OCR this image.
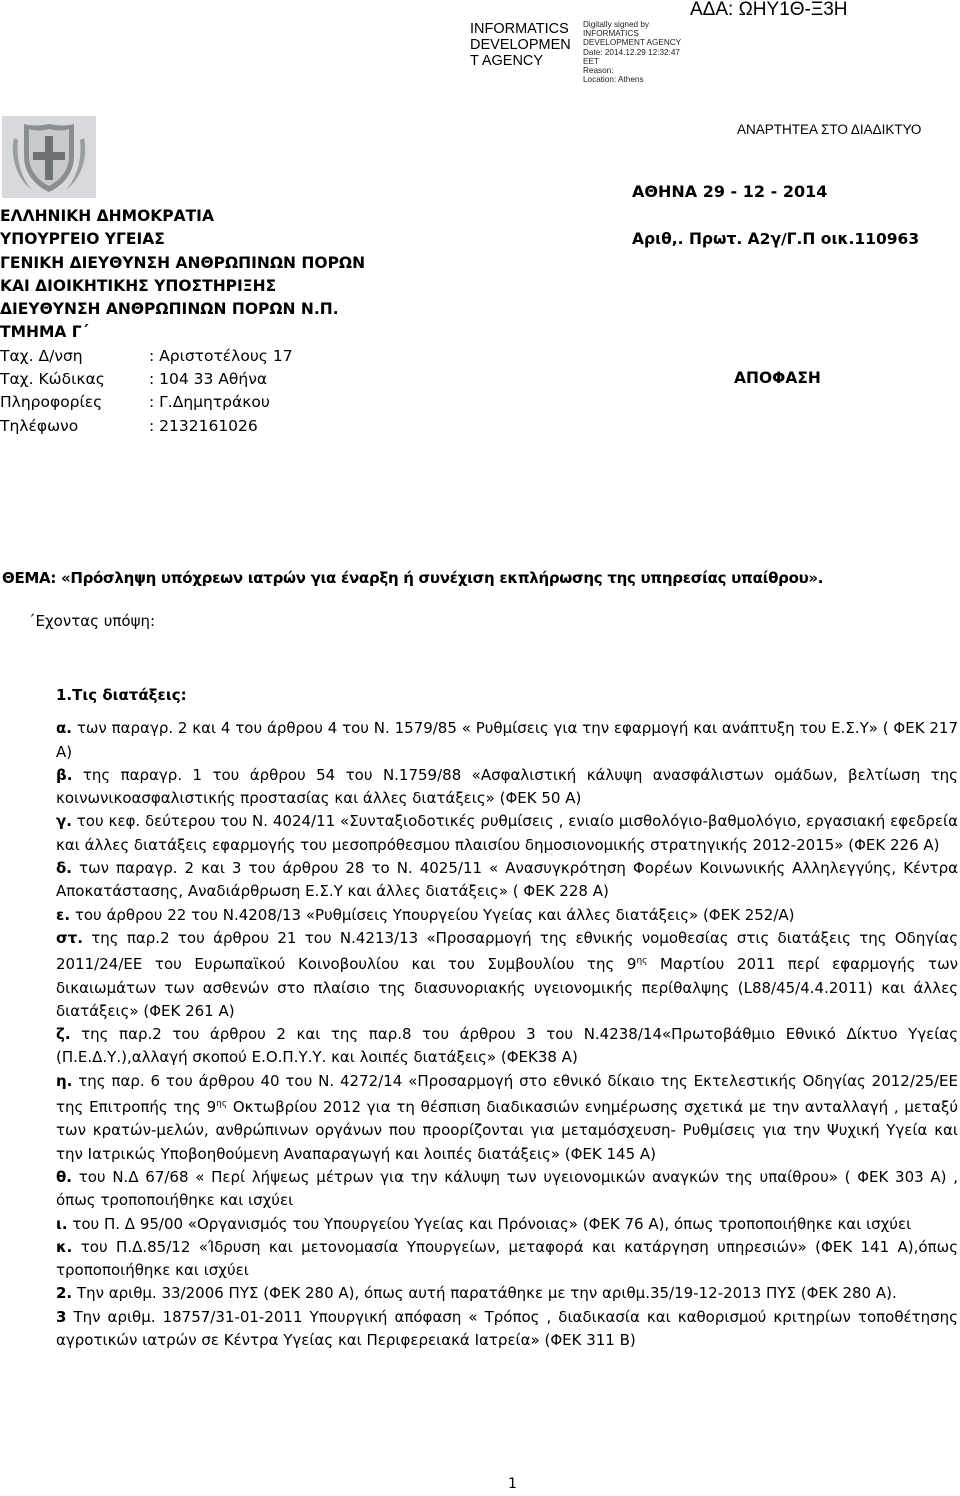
INFORMATICS DEVELOPMEN T AGENCY
Digitally signed by
INFORMATICS
DEVELOPMENT AGENCY
Date: 2014.12.29 12:32:47
EET
Reason:
Location: Athens
ΑΔΑ: ΩΗΥ1Θ-Ξ3Η
ΑΝΑΡΤΗΤΕΑ ΣΤΟ ΔΙΑΔΙΚΤΥΟ
ΕΛΛΗΝΙΚΗ ΔΗΜΟΚΡΑΤΙΑ
ΥΠΟΥΡΓΕΙΟ ΥΓΕΙΑΣ
ΓΕΝΙΚΗ ΔΙΕΥΘΥΝΣΗ ΑΝΘΡΩΠΙΝΩΝ ΠΟΡΩΝ
ΚΑΙ ΔΙΟΙΚΗΤΙΚΗΣ ΥΠΟΣΤΗΡΙΞΗΣ
ΔΙΕΥΘΥΝΣΗ ΑΝΘΡΩΠΙΝΩΝ ΠΟΡΩΝ Ν.Π.
ΤΜΗΜΑ Γ΄
Ταχ. Δ/νση	: Αριστοτέλους 17
Ταχ. Κώδικας	: 104 33 Αθήνα
Πληροφορίες	: Γ.Δημητράκου
Τηλέφωνο	: 2132161026
ΑΘΗΝΑ 29 - 12 - 2014
Αριθ,. Πρωτ. Α2γ/Γ.Π οικ.110963
ΑΠΟΦΑΣΗ
ΘΕΜΑ: «Πρόσληψη υπόχρεων ιατρών για έναρξη ή συνέχιση εκπλήρωσης της υπηρεσίας υπαίθρου».
΄Εχοντας υπόψη:

1.Τις διατάξεις:

α. των παραγρ. 2 και 4 του άρθρου 4 του Ν. 1579/85 « Ρυθμίσεις για την εφαρμογή και ανάπτυξη του Ε.Σ.Υ» ( ΦΕΚ 217 Α)

β. της παραγρ. 1 του άρθρου 54 του Ν.1759/88 «Ασφαλιστική κάλυψη ανασφάλιστων ομάδων, βελτίωση της κοινωνικοασφαλιστικής προστασίας και άλλες διατάξεις» (ΦΕΚ 50 Α)

γ. του κεφ. δεύτερου του Ν. 4024/11 «Συνταξιοδοτικές ρυθμίσεις , ενιαίο μισθολόγιο-βαθμολόγιο, εργασιακή εφεδρεία και άλλες διατάξεις εφαρμογής του μεσοπρόθεσμου πλαισίου δημοσιονομικής στρατηγικής 2012-2015» (ΦΕΚ 226 Α)

δ. των παραγρ. 2 και 3 του άρθρου 28 το Ν. 4025/11 « Ανασυγκρότηση Φορέων Κοινωνικής Αλληλεγγύης, Κέντρα Αποκατάστασης, Αναδιάρθρωση Ε.Σ.Υ και άλλες διατάξεις» ( ΦΕΚ 228 Α)

ε. του άρθρου 22 του Ν.4208/13 «Ρυθμίσεις Υπουργείου Υγείας και άλλες διατάξεις» (ΦΕΚ 252/Α)

στ. της παρ.2 του άρθρου 21 του Ν.4213/13 «Προσαρμογή της εθνικής νομοθεσίας στις διατάξεις της Οδηγίας 2011/24/ΕΕ του Ευρωπαϊκού Κοινοβουλίου και του Συμβουλίου της $9^{\eta\varsigma}$ Μαρτίου 2011 περί εφαρμογής των δικαιωμάτων των ασθενών στο πλαίσιο της διασυνοριακής υγειονομικής περίθαλψης (L88/45/4.4.2011) και άλλες διατάξεις» (ΦΕΚ 261 Α)

ζ. της παρ.2 του άρθρου 2 και της παρ.8 του άρθρου 3 του Ν.4238/14«Πρωτοβάθμιο Εθνικό Δίκτυο Υγείας (Π.Ε.Δ.Υ.),αλλαγή σκοπού Ε.Ο.Π.Υ.Υ. και λοιπές διατάξεις» (ΦΕΚ38 Α)

η. της παρ. 6 του άρθρου 40 του Ν. 4272/14 «Προσαρμογή στο εθνικό δίκαιο της Εκτελεστικής Οδηγίας 2012/25/ΕΕ της Επιτροπής της $9^{\eta\varsigma}$ Οκτωβρίου 2012 για τη θέσπιση διαδικασιών ενημέρωσης σχετικά με την ανταλλαγή , μεταξύ των κρατών-μελών, ανθρώπινων οργάνων που προορίζονται για μεταμόσχευση- Ρυθμίσεις για την Ψυχική Υγεία και την Ιατρικώς Υποβοηθούμενη Αναπαραγωγή και λοιπές διατάξεις» (ΦΕΚ 145 Α)

θ. του Ν.Δ 67/68 « Περί λήψεως μέτρων για την κάλυψη των υγειονομικών αναγκών της υπαίθρου» ( ΦΕΚ 303 Α) , όπως τροποποιήθηκε και ισχύει

ι. του Π. Δ 95/00 «Οργανισμός του Υπουργείου Υγείας και Πρόνοιας» (ΦΕΚ 76 Α), όπως τροποποιήθηκε και ισχύει

κ. του Π.Δ.85/12 «Ίδρυση και μετονομασία Υπουργείων, μεταφορά και κατάργηση υπηρεσιών» (ΦΕΚ 141 Α),όπως τροποποιήθηκε και ισχύει

2. Την αριθμ. 33/2006 ΠΥΣ (ΦΕΚ 280 Α), όπως αυτή παρατάθηκε με την αριθμ.35/19-12-2013 ΠΥΣ (ΦΕΚ 280 Α).

3 Την αριθμ. 18757/31-01-2011 Υπουργική απόφαση « Τρόπος , διαδικασία και καθορισμού κριτηρίων τοποθέτησης αγροτικών ιατρών σε Κέντρα Υγείας και Περιφερειακά Ιατρεία» (ΦΕΚ 311 Β)

1
